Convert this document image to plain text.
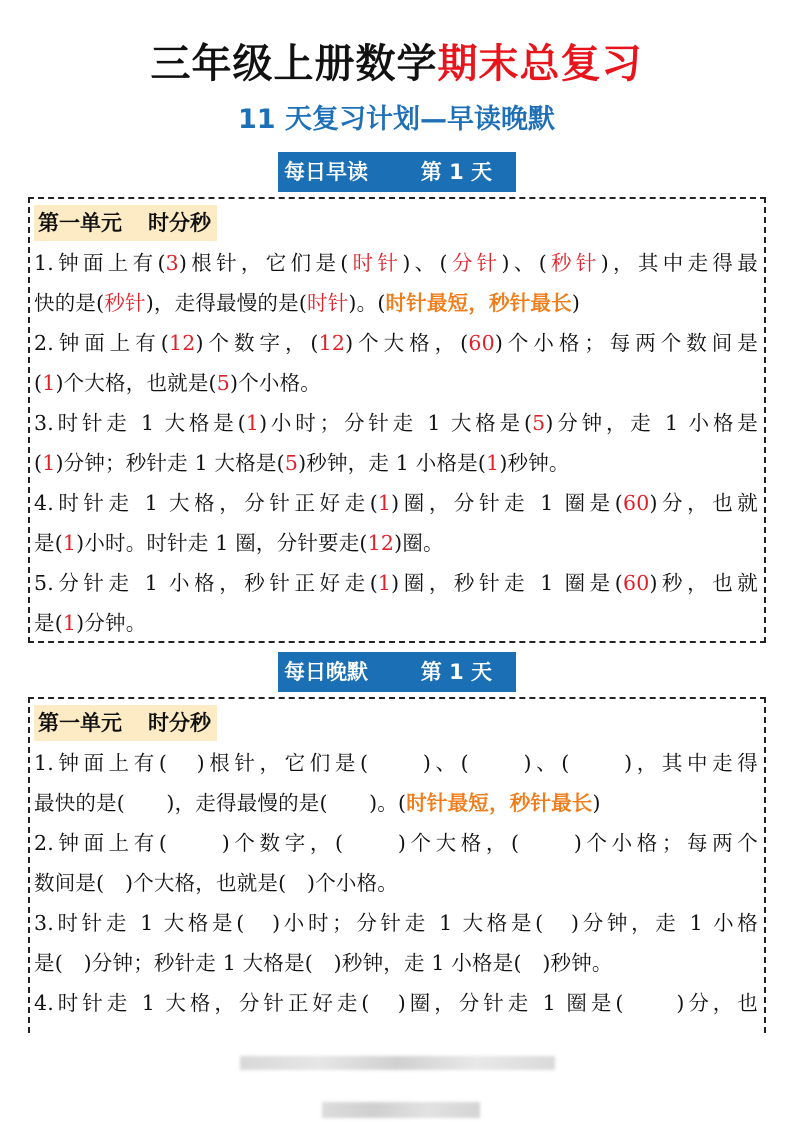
三年级上册数学期末总复习
11 天复习计划—早读晚默
每日早读	第 1 天
第一单元 时分秒
1.钟面上有(3)根针，它们是(时针)、(分针)、(秒针)，其中走得最
快的是(秒针)，走得最慢的是(时针)。(时针最短，秒针最长)
2.钟面上有(12)个数字，(12)个大格，(60)个小格；每两个数间是
(1)个大格，也就是(5)个小格。
3.时针走 1 大格是(1)小时；分针走 1 大格是(5)分钟，走 1 小格是
(1)分钟；秒针走 1 大格是(5)秒钟，走 1 小格是(1)秒钟。
4.时针走 1 大格，分针正好走(1)圈，分针走 1 圈是(60)分，也就
是(1)小时。时针走 1 圈，分针要走(12)圈。
5.分针走 1 小格，秒针正好走(1)圈，秒针走 1 圈是(60)秒，也就
是(1)分钟。
每日晚默	第 1 天
第一单元 时分秒
1.钟面上有(　)根针，它们是(　　)、(　　)、(　　)，其中走得
最快的是(　　)，走得最慢的是(　　)。(时针最短，秒针最长)
2.钟面上有(　　)个数字，(　　)个大格，(　　)个小格；每两个
数间是(　)个大格，也就是(　)个小格。
3.时针走 1 大格是(　)小时；分针走 1 大格是(　)分钟，走 1 小格
是(　)分钟；秒针走 1 大格是(　)秒钟，走 1 小格是(　)秒钟。
4.时针走 1 大格，分针正好走(　)圈，分针走 1 圈是(　　)分，也
